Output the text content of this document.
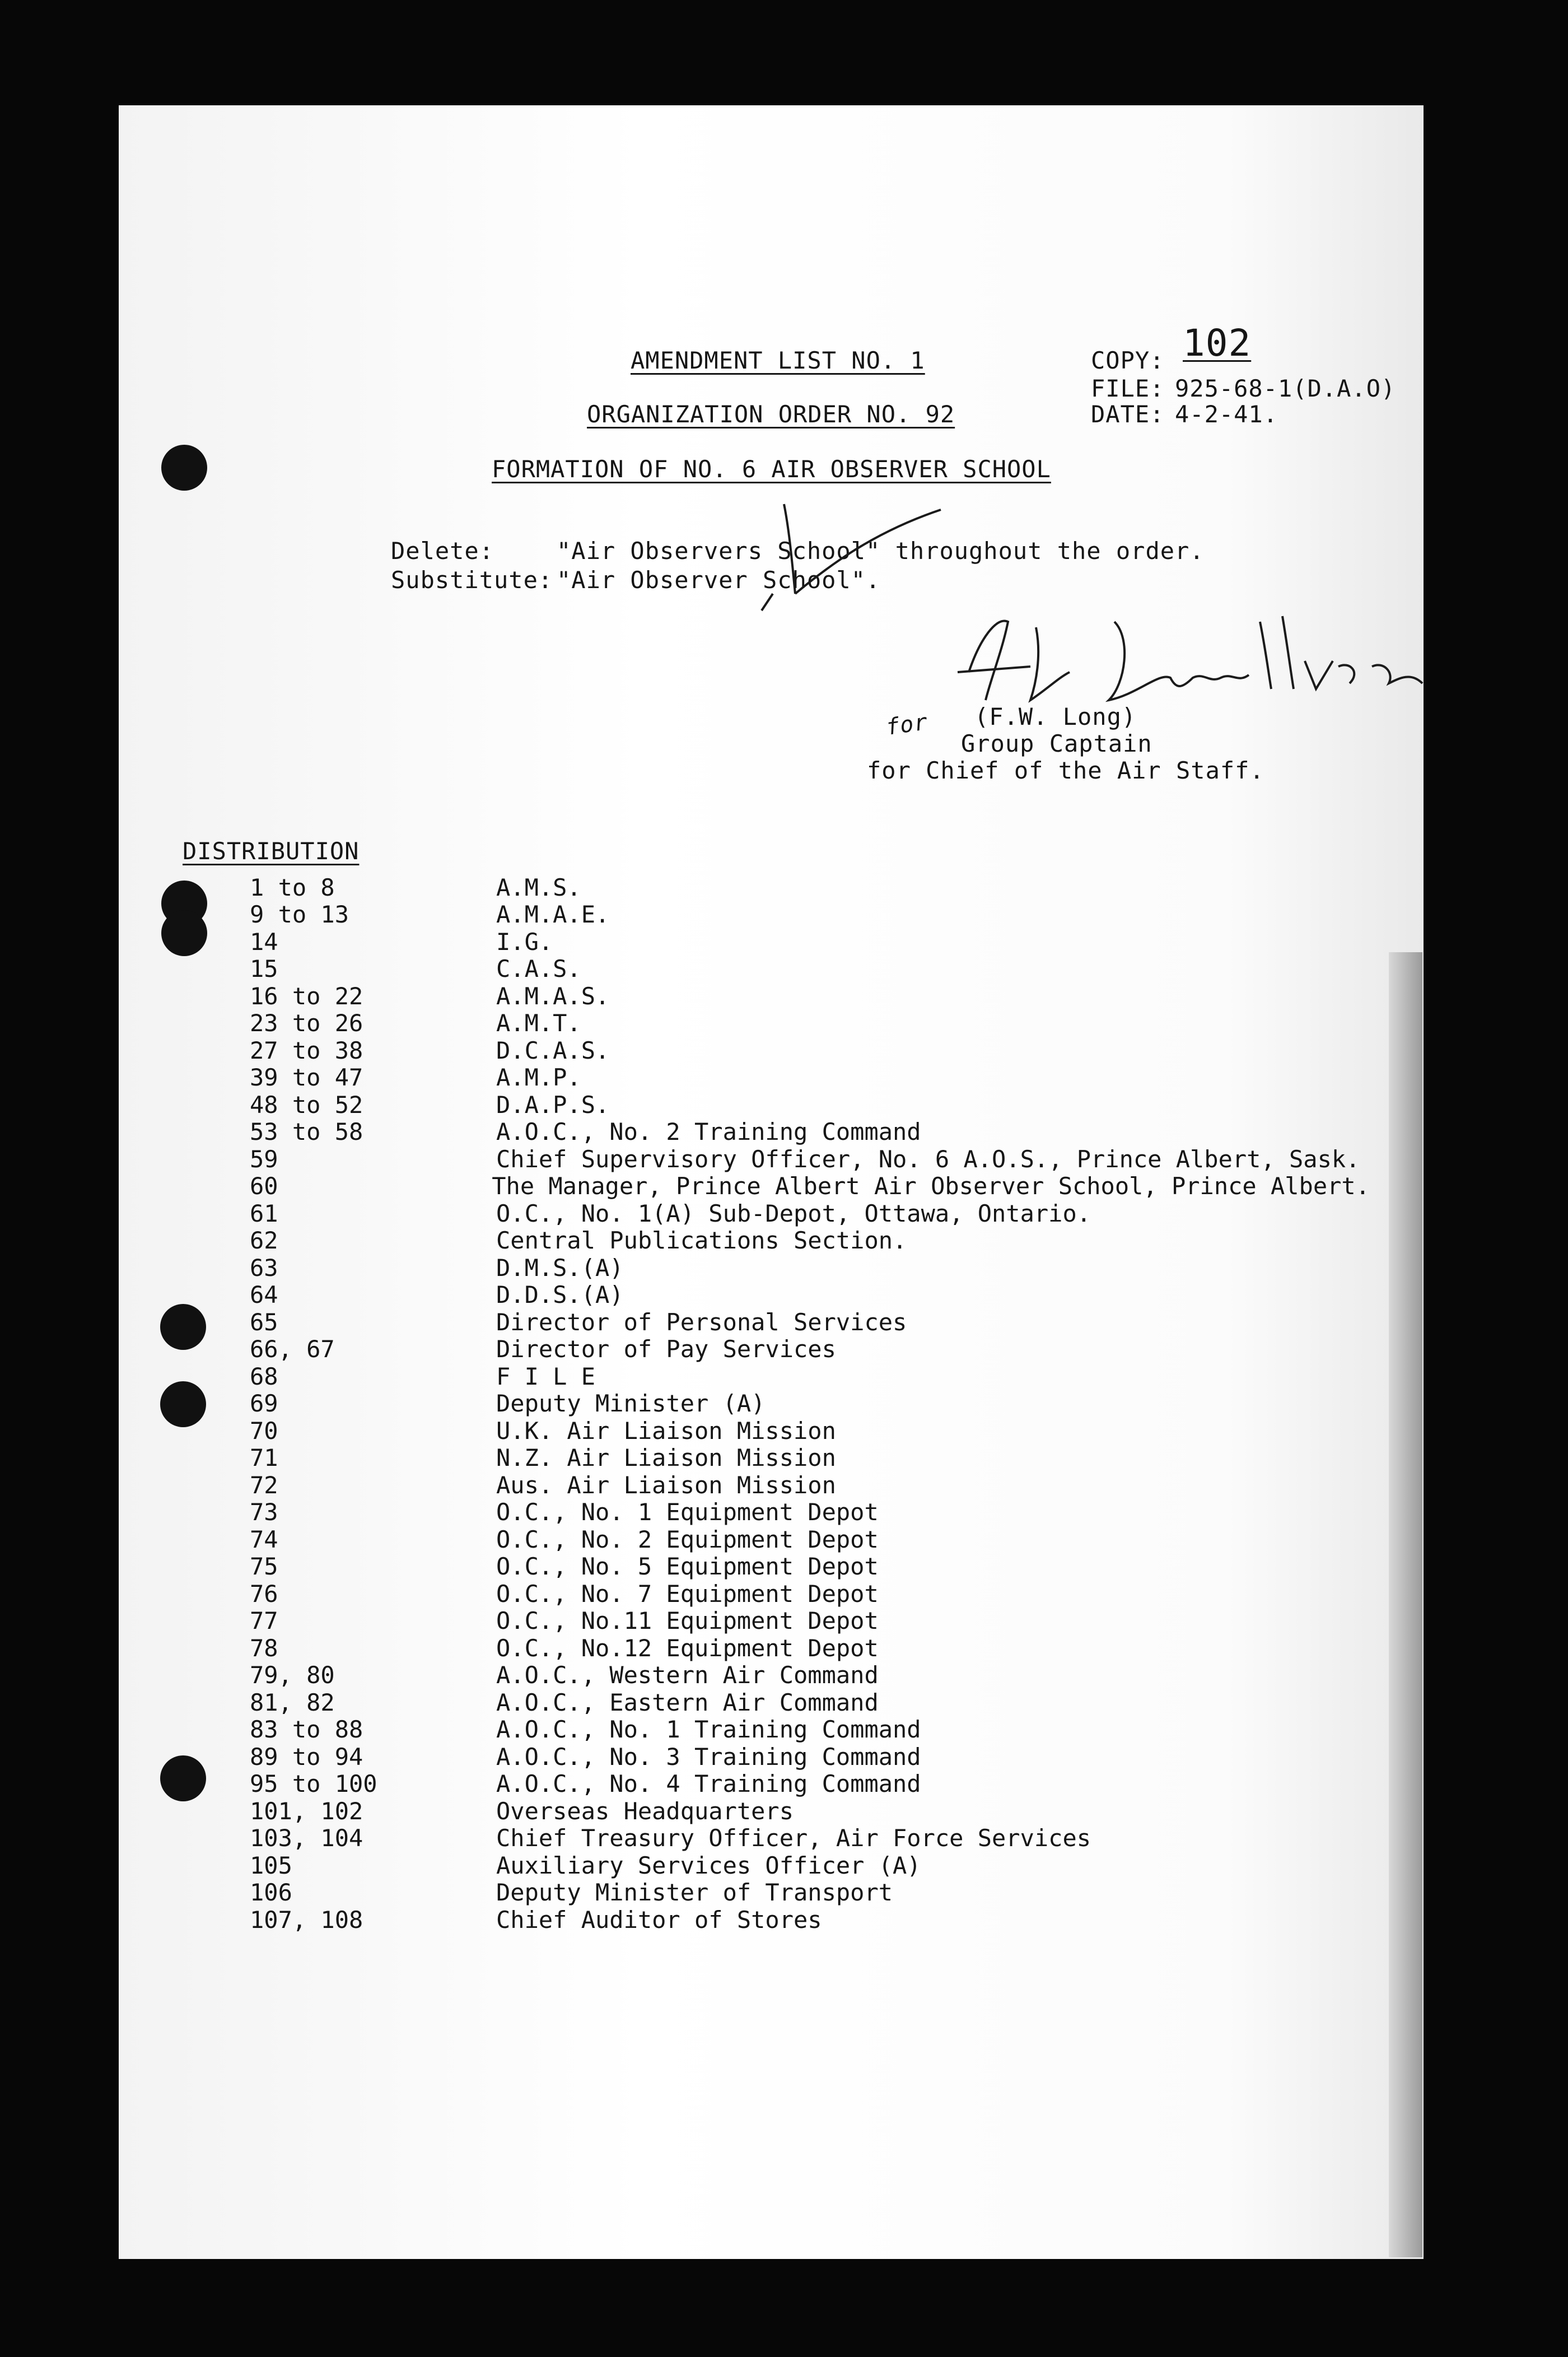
AMENDMENT LIST NO. 1
ORGANIZATION ORDER NO. 92
FORMATION OF NO. 6 AIR OBSERVER SCHOOL
COPY: 102
FILE: 925-68-1(D.A.O)
DATE: 4-2-41.
Delete:	"Air Observers School" throughout the order.
Substitute: "Air Observer School".
A.L. Seavill w/cdr
for (F.W. Long)
Group Captain
for Chief of the Air Staff.
DISTRIBUTION
1 to 8	A.M.S.
9 to 13	A.M.A.E.
14	I.G.
15	C.A.S.
16 to 22	A.M.A.S.
23 to 26	A.M.T.
27 to 38	D.C.A.S.
39 to 47	A.M.P.
48 to 52	D.A.P.S.
53 to 58	A.O.C., No. 2 Training Command
59	Chief Supervisory Officer, No. 6 A.O.S., Prince Albert, Sask.
60	The Manager, Prince Albert Air Observer School, Prince Albert.
61	O.C., No. 1(A) Sub-Depot, Ottawa, Ontario.
62	Central Publications Section.
63	D.M.S.(A)
64	D.D.S.(A)
65	Director of Personal Services
66, 67	Director of Pay Services
68	F I L E
69	Deputy Minister (A)
70	U.K. Air Liaison Mission
71	N.Z. Air Liaison Mission
72	Aus. Air Liaison Mission
73	O.C., No. 1 Equipment Depot
74	O.C., No. 2 Equipment Depot
75	O.C., No. 5 Equipment Depot
76	O.C., No. 7 Equipment Depot
77	O.C., No.11 Equipment Depot
78	O.C., No.12 Equipment Depot
79, 80	A.O.C., Western Air Command
81, 82	A.O.C., Eastern Air Command
83 to 88	A.O.C., No. 1 Training Command
89 to 94	A.O.C., No. 3 Training Command
95 to 100	A.O.C., No. 4 Training Command
101, 102	Overseas Headquarters
103, 104	Chief Treasury Officer, Air Force Services
105	Auxiliary Services Officer (A)
106	Deputy Minister of Transport
107, 108	Chief Auditor of Stores
